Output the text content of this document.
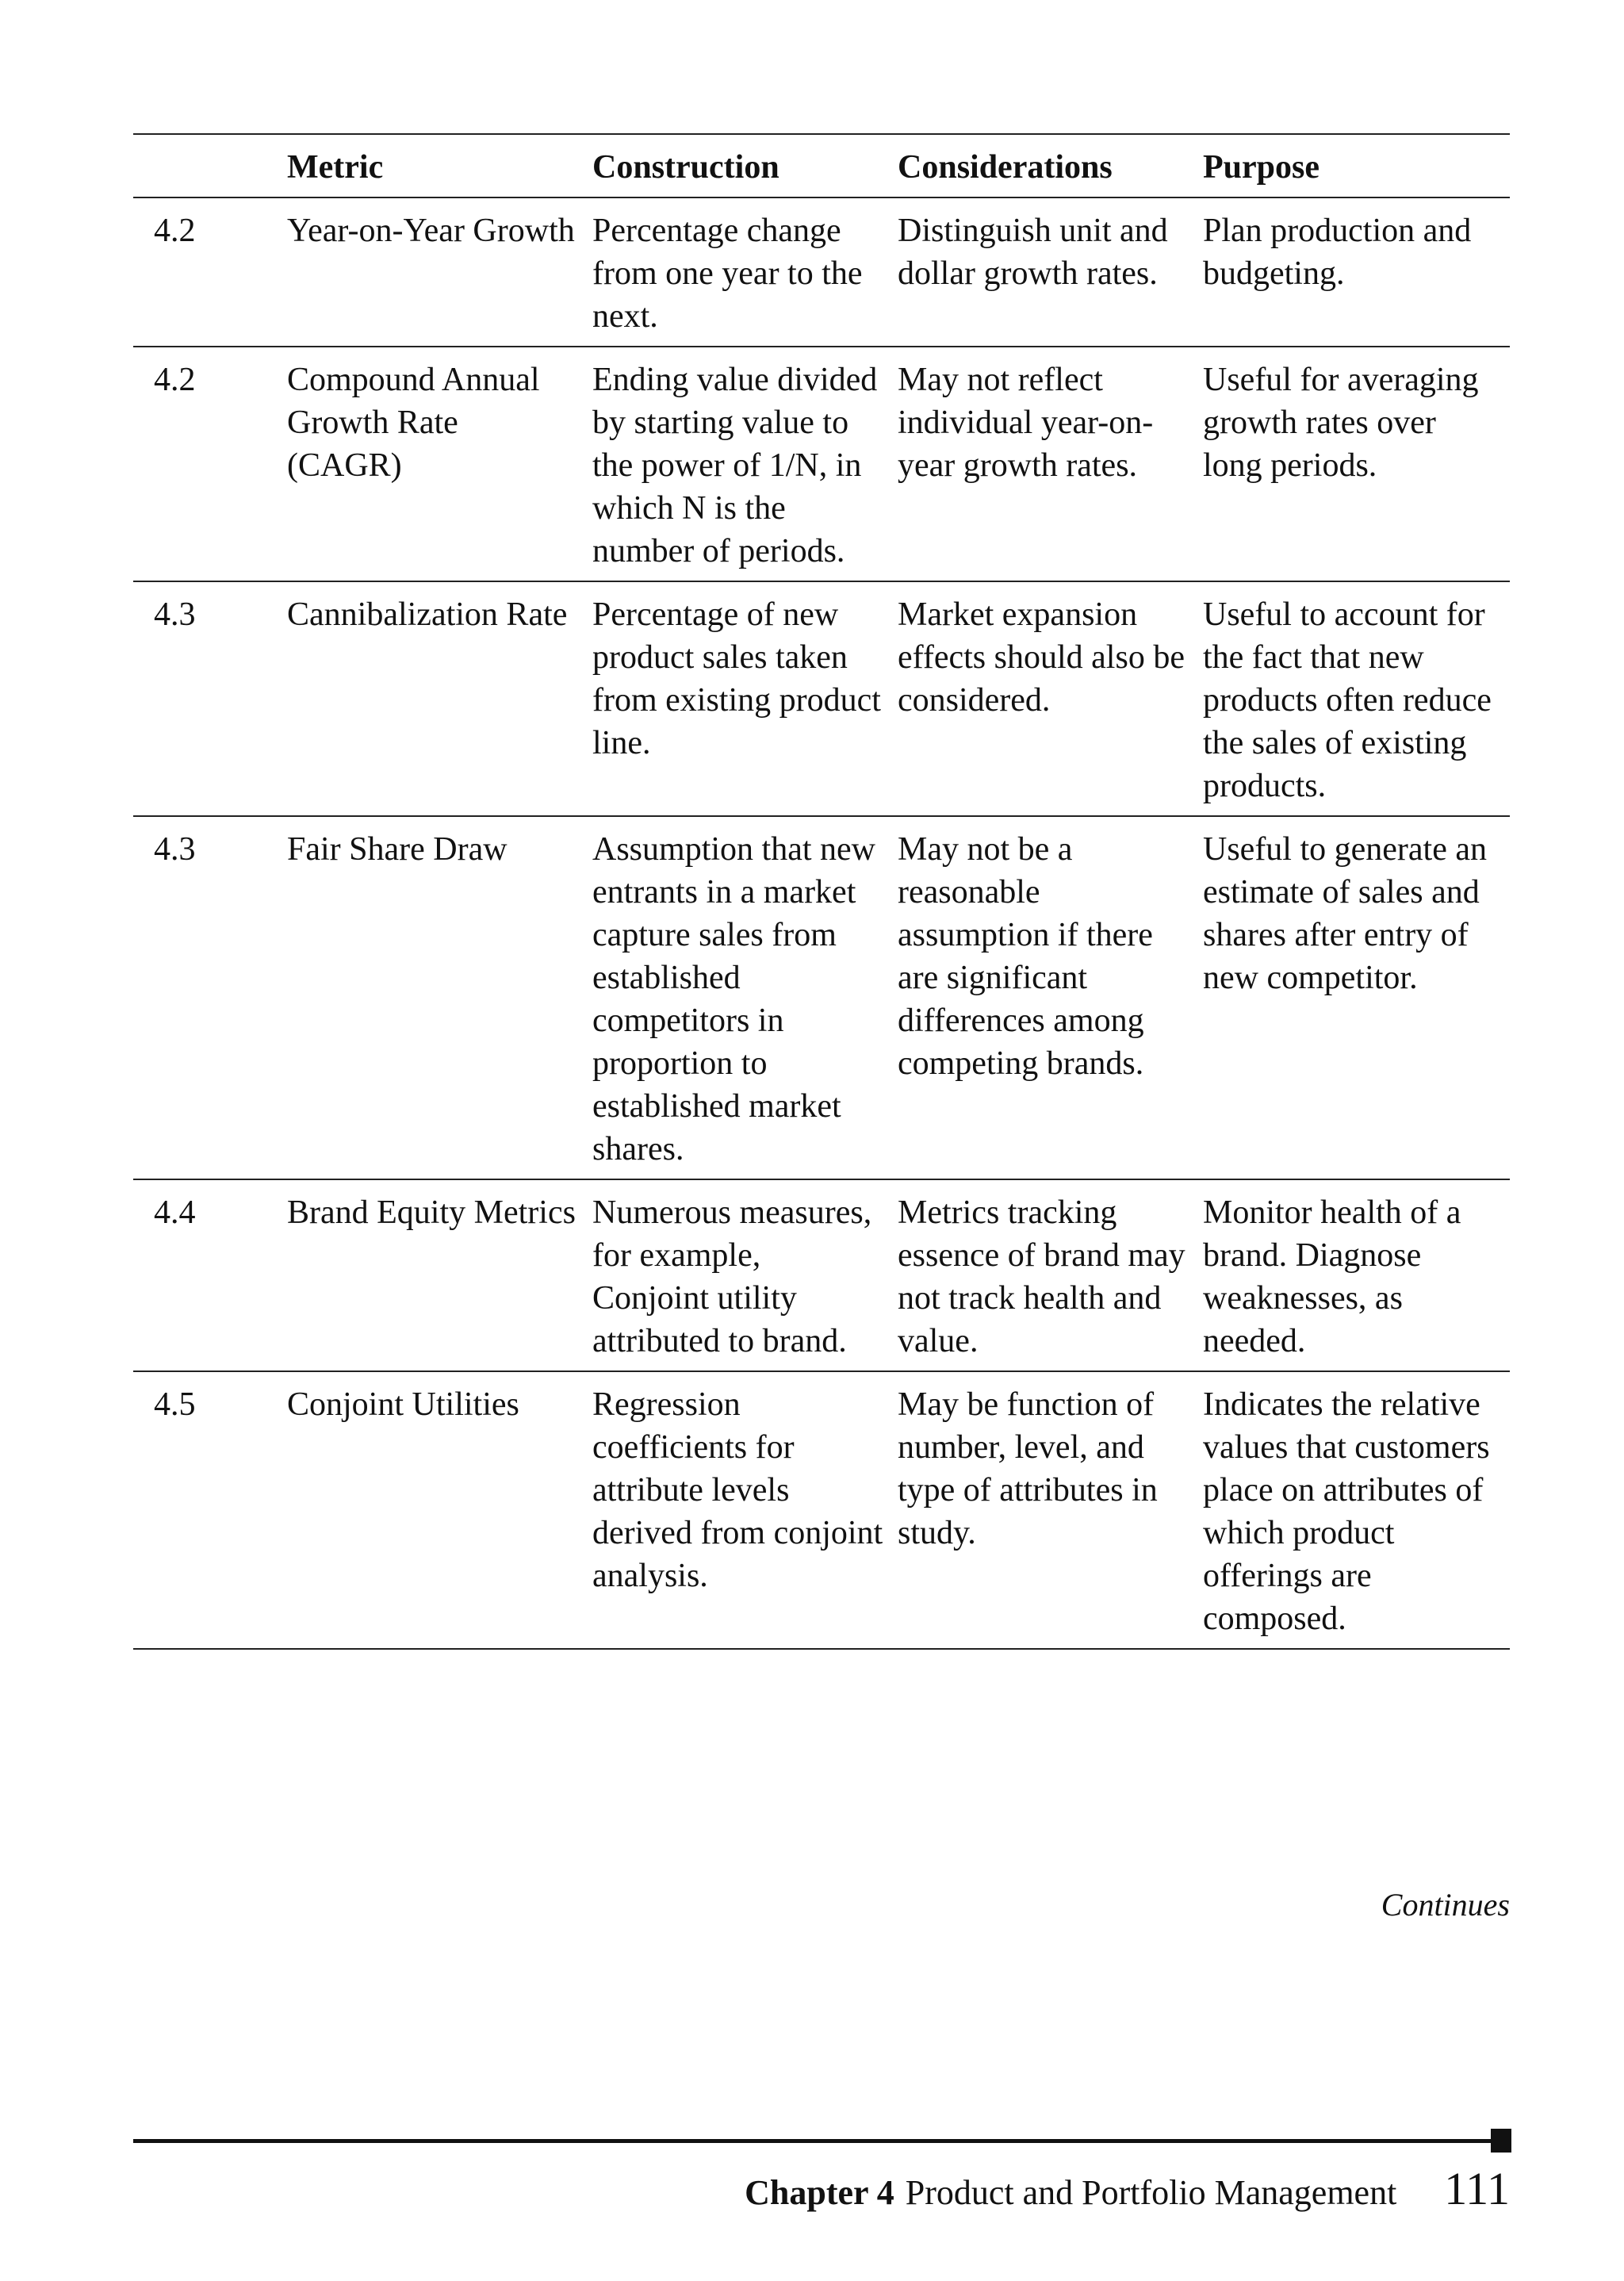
	Metric	Construction	Considerations	Purpose
4.2	Year-on-Year Growth	Percentage change from one year to the next.	Distinguish unit and dollar growth rates.	Plan production and budgeting.
4.2	Compound Annual Growth Rate (CAGR)	Ending value divided by starting value to the power of 1/N, in which N is the number of periods.	May not reflect individual year-on-year growth rates.	Useful for averaging growth rates over long periods.
4.3	Cannibalization Rate	Percentage of new product sales taken from existing product line.	Market expansion effects should also be considered.	Useful to account for the fact that new products often reduce the sales of existing products.
4.3	Fair Share Draw	Assumption that new entrants in a market capture sales from established competitors in proportion to established market shares.	May not be a reasonable assumption if there are significant differences among competing brands.	Useful to generate an estimate of sales and shares after entry of new competitor.
4.4	Brand Equity Metrics	Numerous measures, for example, Conjoint utility attributed to brand.	Metrics tracking essence of brand may not track health and value.	Monitor health of a brand. Diagnose weaknesses, as needed.
4.5	Conjoint Utilities	Regression coefficients for attribute levels derived from conjoint analysis.	May be function of number, level, and type of attributes in study.	Indicates the relative values that customers place on attributes of which product offerings are composed.
Continues
Chapter 4 Product and Portfolio Management 111
